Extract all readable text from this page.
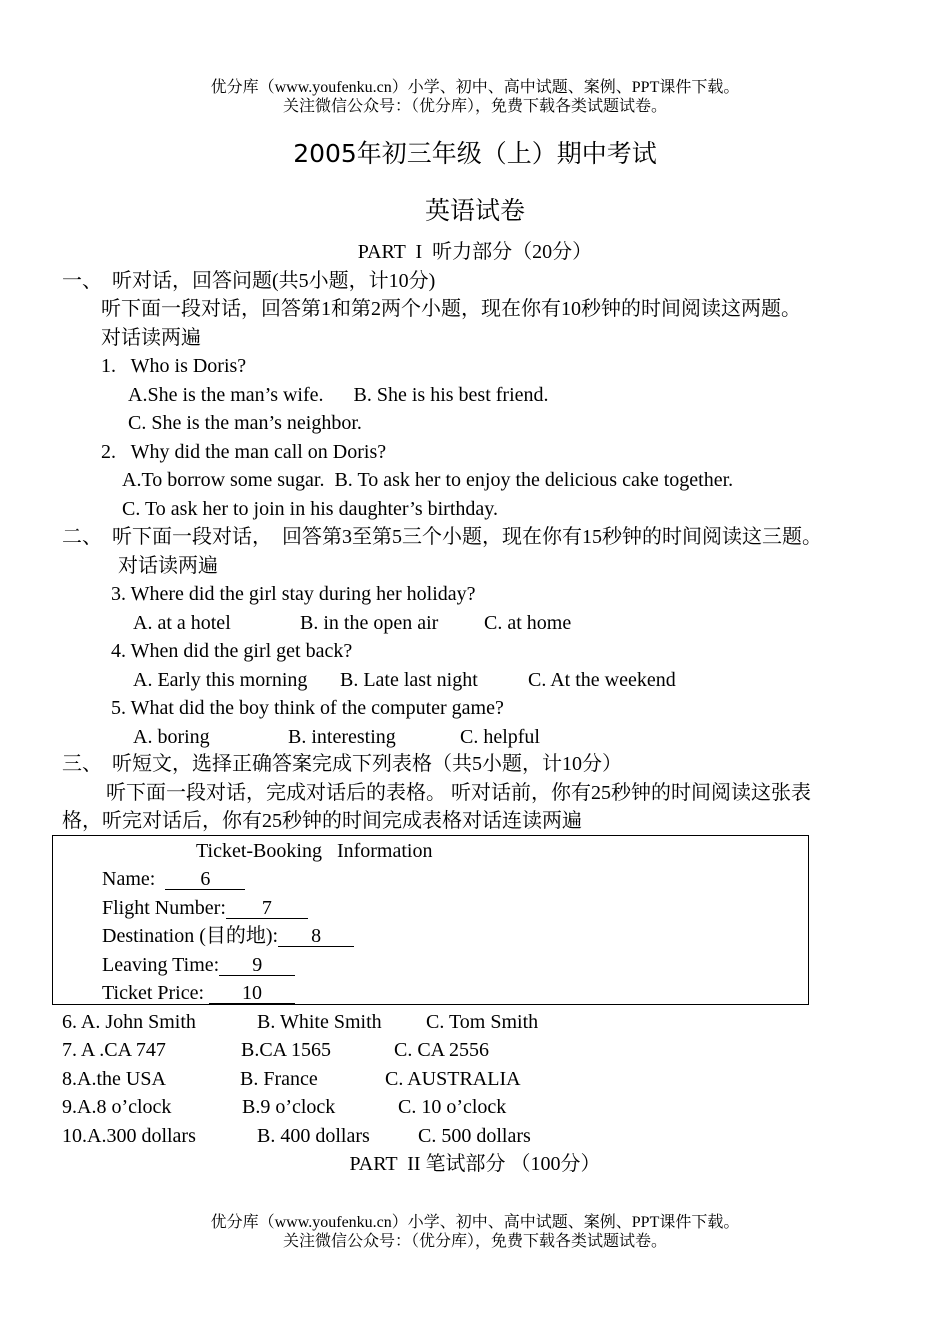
优分库（www.youfenku.cn）小学、初中、高中试题、案例、PPT课件下载。
关注微信公众号：（优分库），免费下载各类试题试卷。
2005年初三年级（上）期中考试
英语试卷
PART  I  听力部分（20分）
一、  听对话，回答问题(共5小题，计10分)
听下面一段对话，回答第1和第2两个小题，现在你有10秒钟的时间阅读这两题。
对话读两遍
1.   Who is Doris?
A.She is the man’s wife.      B. She is his best friend.
C. She is the man’s neighbor.
2.   Why did the man call on Doris?
A.To borrow some sugar.  B. To ask her to enjoy the delicious cake together.
C. To ask her to join in his daughter’s birthday.
二、  听下面一段对话，  回答第3至第5三个小题，现在你有15秒钟的时间阅读这三题。
对话读两遍
3. Where did the girl stay during her holiday?
A. at a hotel	B. in the open air C. at home
4. When did the girl get back?
A. Early this morning B. Late last night	C. At the weekend
5. What did the boy think of the computer game?
A. boring	B. interesting	C. helpful
三、  听短文，选择正确答案完成下列表格（共5小题，计10分）
听下面一段对话，完成对话后的表格。 听对话前，你有25秒钟的时间阅读这张表
格，听完对话后，你有25秒钟的时间完成表格对话连读两遍
Ticket-Booking   Information
Name: 6
Flight Number: 7
Destination (目的地): 8
Leaving Time: 9
Ticket Price: 10
6. A. John Smith	B. White Smith C. Tom Smith
7. A .CA 747	B.CA 1565	C. CA 2556
8.A.the USA	B. France	C. AUSTRALIA
9.A.8 o’clock	B.9 o’clock	C. 10 o’clock
10.A.300 dollars	B. 400 dollars C. 500 dollars
PART  II 笔试部分 （100分）
优分库（www.youfenku.cn）小学、初中、高中试题、案例、PPT课件下载。
关注微信公众号：（优分库），免费下载各类试题试卷。
